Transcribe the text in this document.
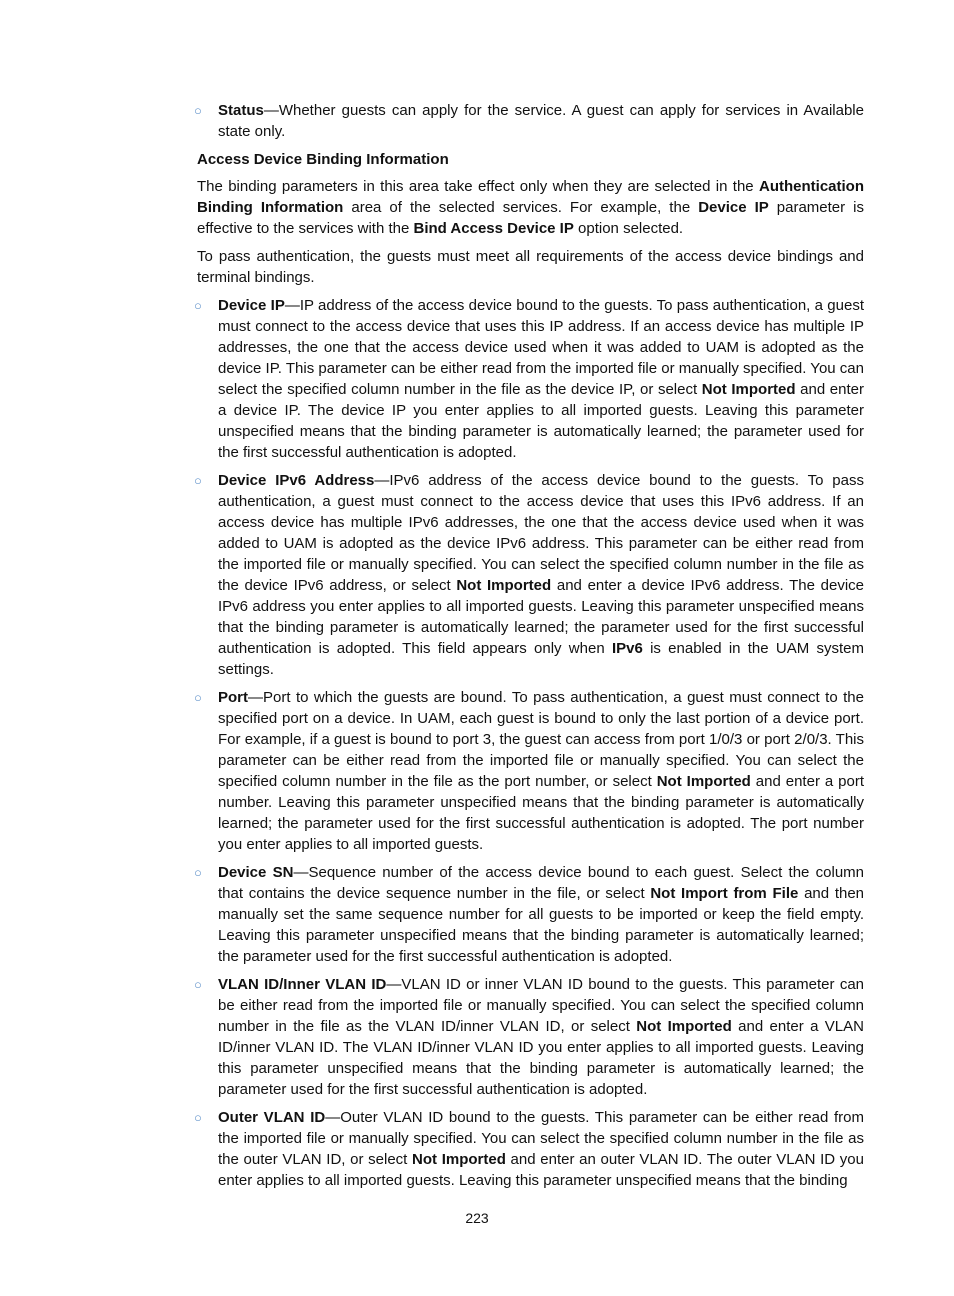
○ Status—Whether guests can apply for the service. A guest can apply for services in Available state only.
Access Device Binding Information
The binding parameters in this area take effect only when they are selected in the Authentication Binding Information area of the selected services. For example, the Device IP parameter is effective to the services with the Bind Access Device IP option selected.
To pass authentication, the guests must meet all requirements of the access device bindings and terminal bindings.
○ Device IP—IP address of the access device bound to the guests. To pass authentication, a guest must connect to the access device that uses this IP address. If an access device has multiple IP addresses, the one that the access device used when it was added to UAM is adopted as the device IP. This parameter can be either read from the imported file or manually specified. You can select the specified column number in the file as the device IP, or select Not Imported and enter a device IP. The device IP you enter applies to all imported guests. Leaving this parameter unspecified means that the binding parameter is automatically learned; the parameter used for the first successful authentication is adopted.
○ Device IPv6 Address—IPv6 address of the access device bound to the guests. To pass authentication, a guest must connect to the access device that uses this IPv6 address. If an access device has multiple IPv6 addresses, the one that the access device used when it was added to UAM is adopted as the device IPv6 address. This parameter can be either read from the imported file or manually specified. You can select the specified column number in the file as the device IPv6 address, or select Not Imported and enter a device IPv6 address. The device IPv6 address you enter applies to all imported guests. Leaving this parameter unspecified means that the binding parameter is automatically learned; the parameter used for the first successful authentication is adopted. This field appears only when IPv6 is enabled in the UAM system settings.
○ Port—Port to which the guests are bound. To pass authentication, a guest must connect to the specified port on a device. In UAM, each guest is bound to only the last portion of a device port. For example, if a guest is bound to port 3, the guest can access from port 1/0/3 or port 2/0/3. This parameter can be either read from the imported file or manually specified. You can select the specified column number in the file as the port number, or select Not Imported and enter a port number. Leaving this parameter unspecified means that the binding parameter is automatically learned; the parameter used for the first successful authentication is adopted. The port number you enter applies to all imported guests.
○ Device SN—Sequence number of the access device bound to each guest. Select the column that contains the device sequence number in the file, or select Not Import from File and then manually set the same sequence number for all guests to be imported or keep the field empty. Leaving this parameter unspecified means that the binding parameter is automatically learned; the parameter used for the first successful authentication is adopted.
○ VLAN ID/Inner VLAN ID—VLAN ID or inner VLAN ID bound to the guests. This parameter can be either read from the imported file or manually specified. You can select the specified column number in the file as the VLAN ID/inner VLAN ID, or select Not Imported and enter a VLAN ID/inner VLAN ID. The VLAN ID/inner VLAN ID you enter applies to all imported guests. Leaving this parameter unspecified means that the binding parameter is automatically learned; the parameter used for the first successful authentication is adopted.
○ Outer VLAN ID—Outer VLAN ID bound to the guests. This parameter can be either read from the imported file or manually specified. You can select the specified column number in the file as the outer VLAN ID, or select Not Imported and enter an outer VLAN ID. The outer VLAN ID you enter applies to all imported guests. Leaving this parameter unspecified means that the binding
223
